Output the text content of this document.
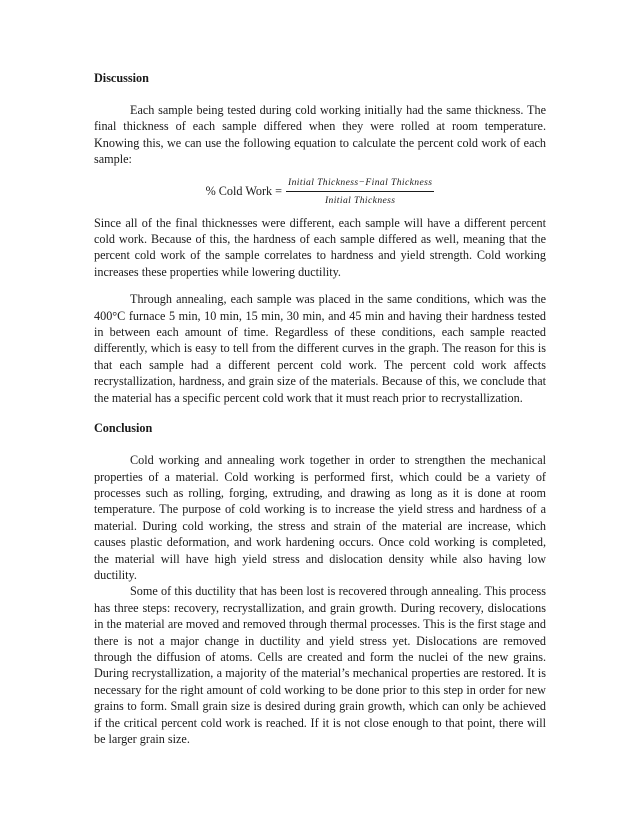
Discussion

Each sample being tested during cold working initially had the same thickness. The final thickness of each sample differed when they were rolled at room temperature. Knowing this, we can use the following equation to calculate the percent cold work of each sample:

% Cold Work = $\frac{\text{Initial Thickness−Final Thickness}}{\text{Initial Thickness}}$

Since all of the final thicknesses were different, each sample will have a different percent cold work. Because of this, the hardness of each sample differed as well, meaning that the percent cold work of the sample correlates to hardness and yield strength. Cold working increases these properties while lowering ductility.

Through annealing, each sample was placed in the same conditions, which was the 400°C furnace 5 min, 10 min, 15 min, 30 min, and 45 min and having their hardness tested in between each amount of time. Regardless of these conditions, each sample reacted differently, which is easy to tell from the different curves in the graph. The reason for this is that each sample had a different percent cold work. The percent cold work affects recrystallization, hardness, and grain size of the materials. Because of this, we conclude that the material has a specific percent cold work that it must reach prior to recrystallization.

Conclusion

Cold working and annealing work together in order to strengthen the mechanical properties of a material. Cold working is performed first, which could be a variety of processes such as rolling, forging, extruding, and drawing as long as it is done at room temperature. The purpose of cold working is to increase the yield stress and hardness of a material. During cold working, the stress and strain of the material are increase, which causes plastic deformation, and work hardening occurs. Once cold working is completed, the material will have high yield stress and dislocation density while also having low ductility.

Some of this ductility that has been lost is recovered through annealing. This process has three steps: recovery, recrystallization, and grain growth. During recovery, dislocations in the material are moved and removed through thermal processes. This is the first stage and there is not a major change in ductility and yield stress yet. Dislocations are removed through the diffusion of atoms. Cells are created and form the nuclei of the new grains. During recrystallization, a majority of the material’s mechanical properties are restored. It is necessary for the right amount of cold working to be done prior to this step in order for new grains to form. Small grain size is desired during grain growth, which can only be achieved if the critical percent cold work is reached. If it is not close enough to that point, there will be larger grain size.
